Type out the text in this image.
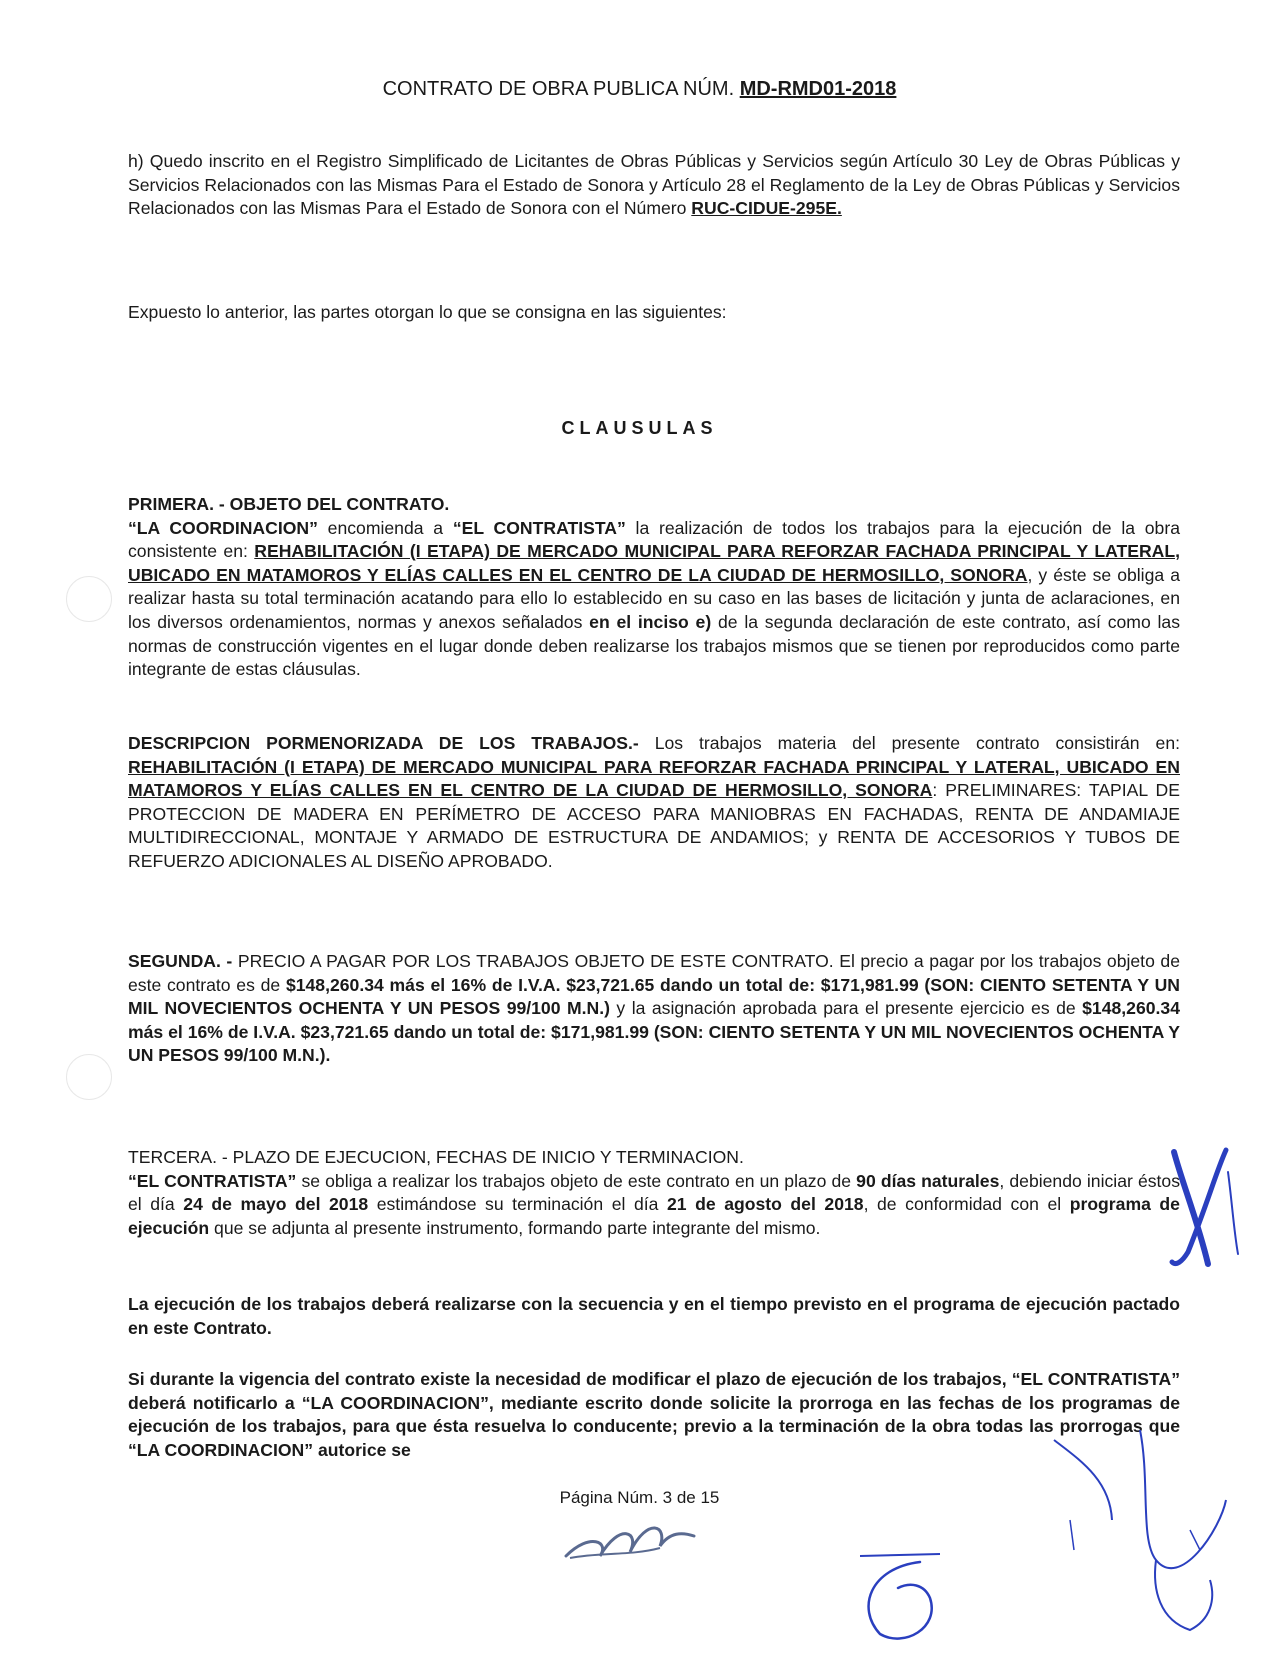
CONTRATO DE OBRA PUBLICA NÚM. MD-RMD01-2018
h) Quedo inscrito en el Registro Simplificado de Licitantes de Obras Públicas y Servicios según Artículo 30 Ley de Obras Públicas y Servicios Relacionados con las Mismas Para el Estado de Sonora y Artículo 28 el Reglamento de la Ley de Obras Públicas y Servicios Relacionados con las Mismas Para el Estado de Sonora con el Número RUC-CIDUE-295E.
Expuesto lo anterior, las partes otorgan lo que se consigna en las siguientes:
CLAUSULAS
PRIMERA. - OBJETO DEL CONTRATO.
“LA COORDINACION” encomienda a “EL CONTRATISTA” la realización de todos los trabajos para la ejecución de la obra consistente en: REHABILITACIÓN (I ETAPA) DE MERCADO MUNICIPAL PARA REFORZAR FACHADA PRINCIPAL Y LATERAL, UBICADO EN MATAMOROS Y ELÍAS CALLES EN EL CENTRO DE LA CIUDAD DE HERMOSILLO, SONORA, y éste se obliga a realizar hasta su total terminación acatando para ello lo establecido en su caso en las bases de licitación y junta de aclaraciones, en los diversos ordenamientos, normas y anexos señalados en el inciso e) de la segunda declaración de este contrato, así como las normas de construcción vigentes en el lugar donde deben realizarse los trabajos mismos que se tienen por reproducidos como parte integrante de estas cláusulas.
DESCRIPCION PORMENORIZADA DE LOS TRABAJOS.- Los trabajos materia del presente contrato consistirán en: REHABILITACIÓN (I ETAPA) DE MERCADO MUNICIPAL PARA REFORZAR FACHADA PRINCIPAL Y LATERAL, UBICADO EN MATAMOROS Y ELÍAS CALLES EN EL CENTRO DE LA CIUDAD DE HERMOSILLO, SONORA: PRELIMINARES: TAPIAL DE PROTECCION DE MADERA EN PERÍMETRO DE ACCESO PARA MANIOBRAS EN FACHADAS, RENTA DE ANDAMIAJE MULTIDIRECCIONAL, MONTAJE Y ARMADO DE ESTRUCTURA DE ANDAMIOS; y RENTA DE ACCESORIOS Y TUBOS DE REFUERZO ADICIONALES AL DISEÑO APROBADO.
SEGUNDA. - PRECIO A PAGAR POR LOS TRABAJOS OBJETO DE ESTE CONTRATO. El precio a pagar por los trabajos objeto de este contrato es de $148,260.34 más el 16% de I.V.A. $23,721.65 dando un total de: $171,981.99 (SON: CIENTO SETENTA Y UN MIL NOVECIENTOS OCHENTA Y UN PESOS 99/100 M.N.) y la asignación aprobada para el presente ejercicio es de $148,260.34 más el 16% de I.V.A. $23,721.65 dando un total de: $171,981.99 (SON: CIENTO SETENTA Y UN MIL NOVECIENTOS OCHENTA Y UN PESOS 99/100 M.N.).
TERCERA. - PLAZO DE EJECUCION, FECHAS DE INICIO Y TERMINACION.
“EL CONTRATISTA” se obliga a realizar los trabajos objeto de este contrato en un plazo de 90 días naturales, debiendo iniciar éstos el día 24 de mayo del 2018 estimándose su terminación el día 21 de agosto del 2018, de conformidad con el programa de ejecución que se adjunta al presente instrumento, formando parte integrante del mismo.
La ejecución de los trabajos deberá realizarse con la secuencia y en el tiempo previsto en el programa de ejecución pactado en este Contrato.
Si durante la vigencia del contrato existe la necesidad de modificar el plazo de ejecución de los trabajos, “EL CONTRATISTA” deberá notificarlo a “LA COORDINACION”, mediante escrito donde solicite la prorroga en las fechas de los programas de ejecución de los trabajos, para que ésta resuelva lo conducente; previo a la terminación de la obra todas las prorrogas que “LA COORDINACION” autorice se
Página Núm. 3 de 15
